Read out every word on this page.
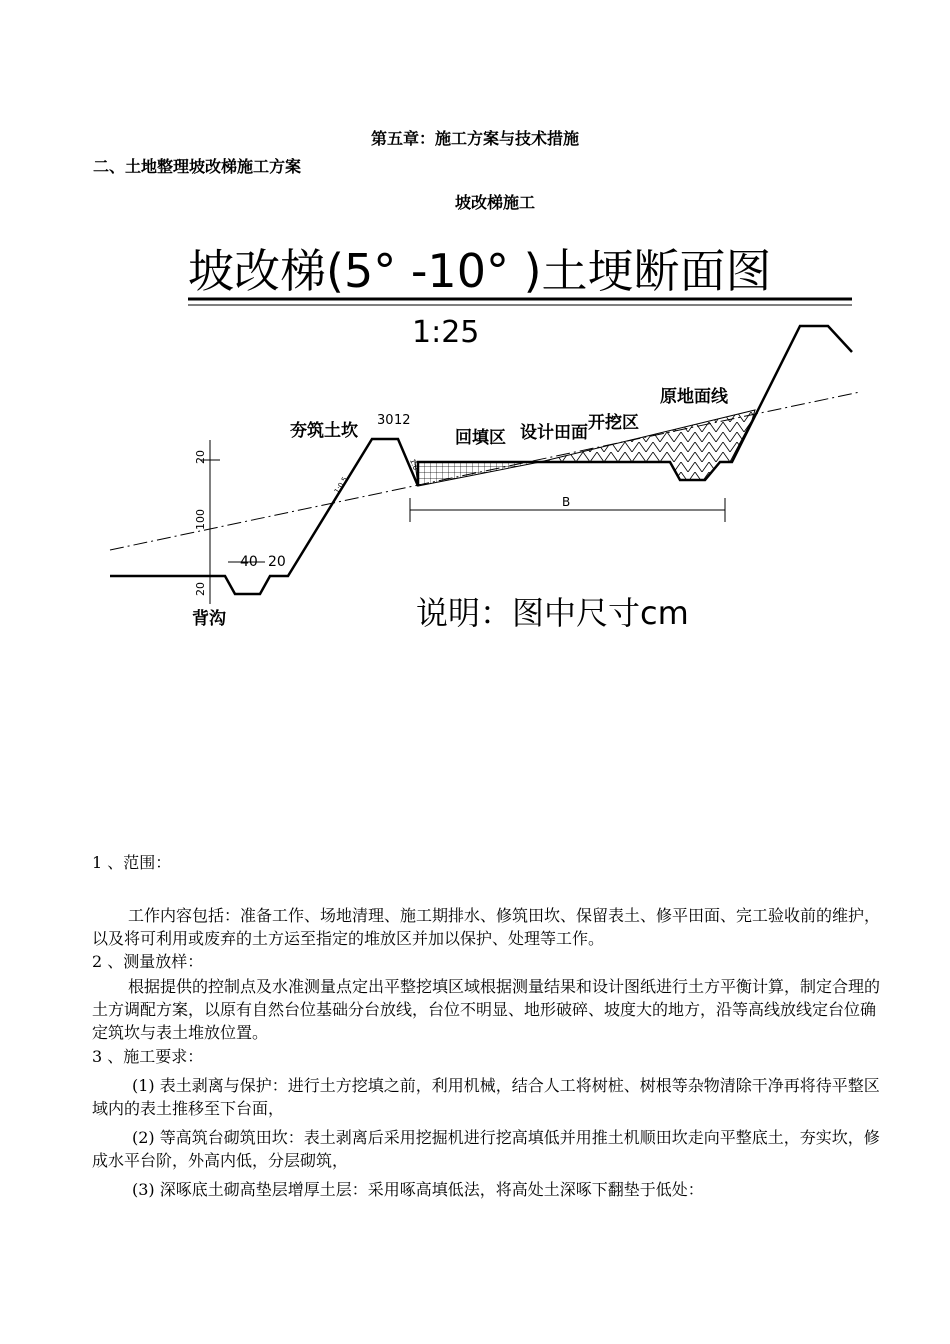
第五章：施工方案与技术措施
二、土地整理坡改梯施工方案
坡改梯施工
坡改梯(5° -10° )土埂断面图
1:25
20
100
20
40 20
30 12
1:0.5
1:0
B
夯筑土坎	回填区 设计田面 开挖区
原地面线
背沟	说明：图中尺寸cm
1 、范围：
工作内容包括：准备工作、场地清理、施工期排水、修筑田坎、保留表土、修平田面、完工验收前的维护，以及将可利用或废弃的土方运至指定的堆放区并加以保护、处理等工作。
2 、测量放样：
根据提供的控制点及水准测量点定出平整挖填区域根据测量结果和设计图纸进行土方平衡计算，制定合理的土方调配方案，以原有自然台位基础分台放线，台位不明显、地形破碎、坡度大的地方，沿等高线放线定台位确定筑坎与表土堆放位置。
3 、施工要求：
(1) 表土剥离与保护：进行土方挖填之前，利用机械，结合人工将树桩、树根等杂物清除干净再将待平整区域内的表土推移至下台面，
(2) 等高筑台砌筑田坎：表土剥离后采用挖掘机进行挖高填低并用推土机顺田坎走向平整底土，夯实坎，修成水平台阶，外高内低，分层砌筑，
(3) 深啄底土砌高垫层增厚土层：采用啄高填低法，将高处土深啄下翻垫于低处：
